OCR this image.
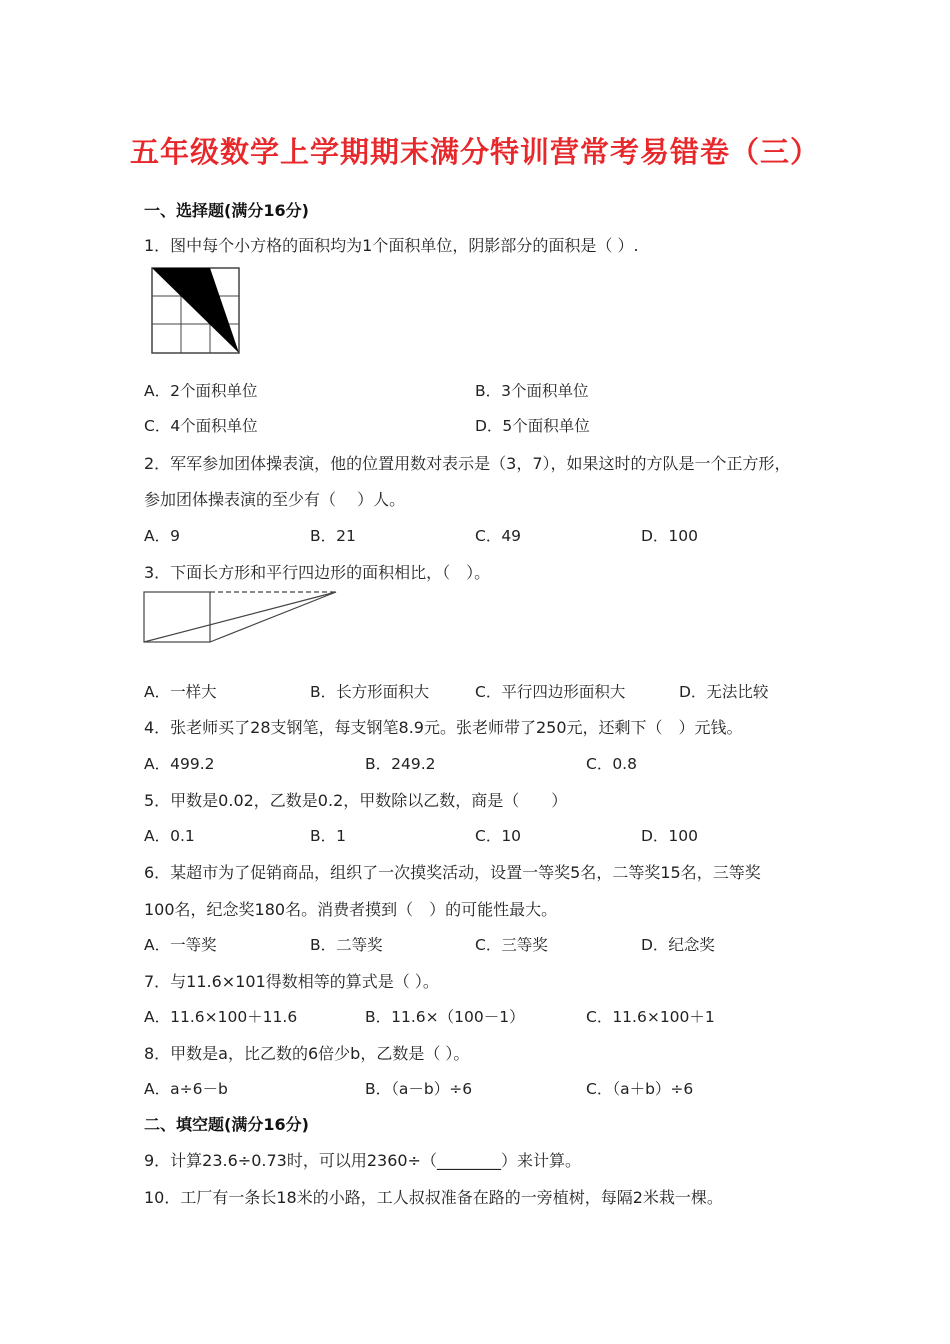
五年级数学上学期期末满分特训营常考易错卷（三）
一、选择题(满分16分)
1．图中每个小方格的面积均为1个面积单位，阴影部分的面积是（ ）.
A．2个面积单位	B．3个面积单位
C．4个面积单位	D．5个面积单位
2．军军参加团体操表演，他的位置用数对表示是（3，7），如果这时的方队是一个正方形，
参加团体操表演的至少有（　 ）人。
A．9	B．21	C．49	D．100
3．下面长方形和平行四边形的面积相比，（　）。
A．一样大	B．长方形面积大	C．平行四边形面积大	D．无法比较
4．张老师买了28支钢笔，每支钢笔8.9元。张老师带了250元，还剩下（　）元钱。
A．499.2	B．249.2	C．0.8
5．甲数是0.02，乙数是0.2，甲数除以乙数，商是（　　）
A．0.1	B．1	C．10	D．100
6．某超市为了促销商品，组织了一次摸奖活动，设置一等奖5名，二等奖15名，三等奖
100名，纪念奖180名。消费者摸到（　）的可能性最大。
A．一等奖	B．二等奖	C．三等奖	D．纪念奖
7．与11.6×101得数相等的算式是（ ）。
A．11.6×100＋11.6	B．11.6×（100－1）	C．11.6×100＋1
8．甲数是a，比乙数的6倍少b，乙数是（ ）。
A．a÷6－b	B．（a－b）÷6	C．（a＋b）÷6
二、填空题(满分16分)
9．计算23.6÷0.73时，可以用2360÷（________）来计算。
10．工厂有一条长18米的小路，工人叔叔准备在路的一旁植树，每隔2米栽一棵。
